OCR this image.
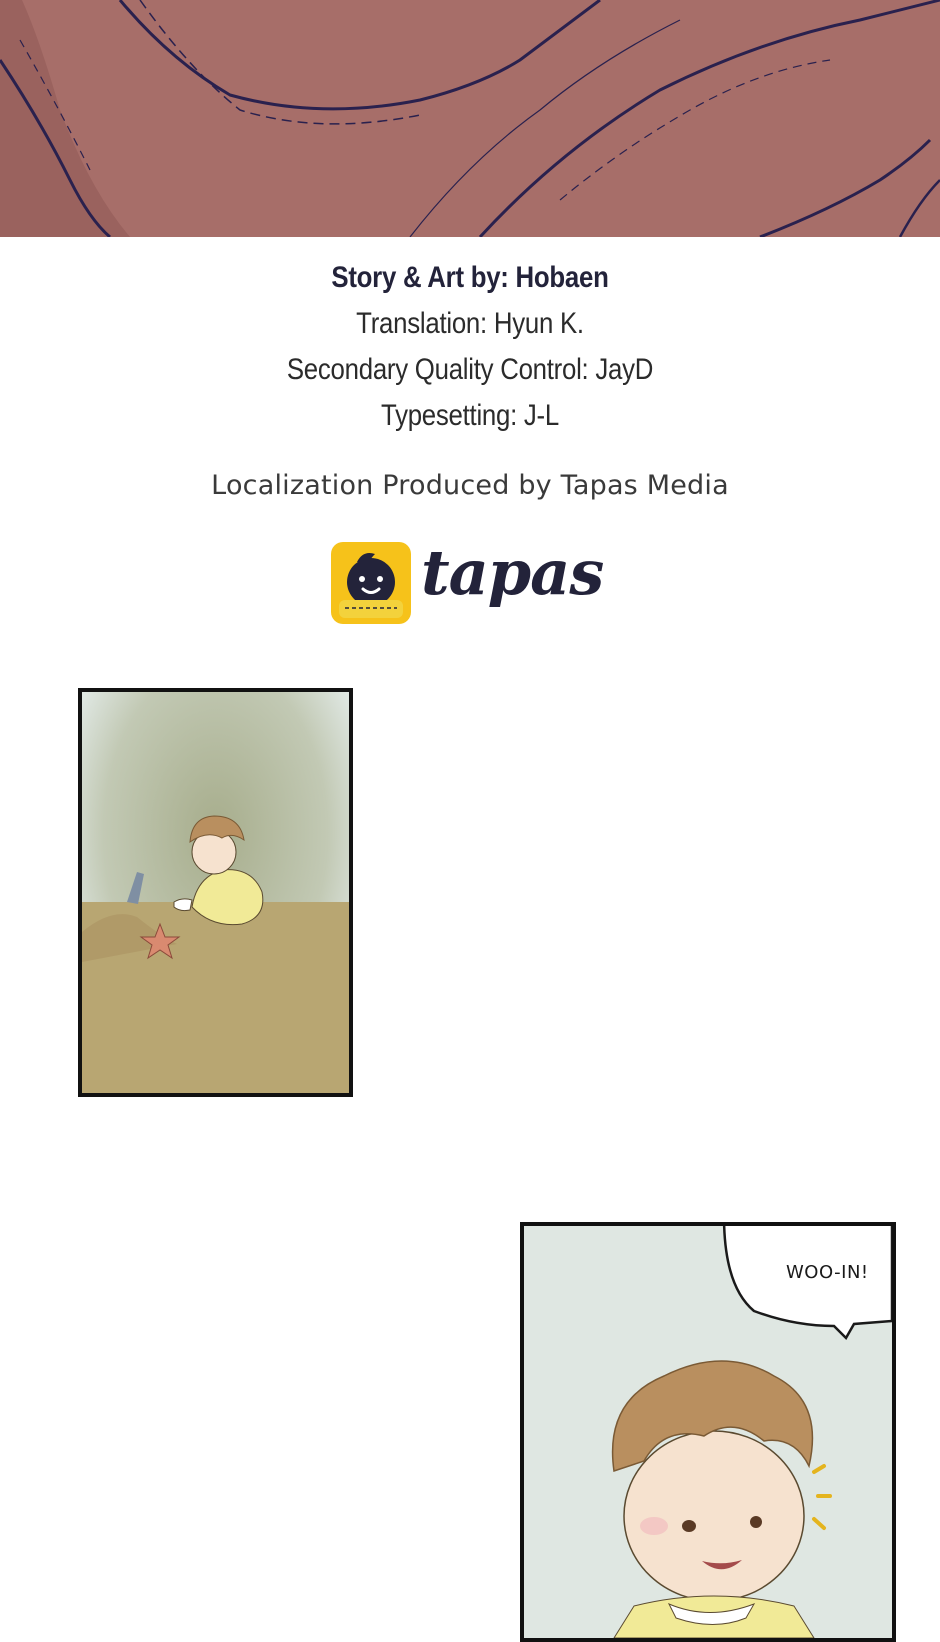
Story & Art by: Hobaen
Translation: Hyun K.
Secondary Quality Control: JayD
Typesetting: J-L
Localization Produced by Tapas Media
tapas
WOO-IN!
